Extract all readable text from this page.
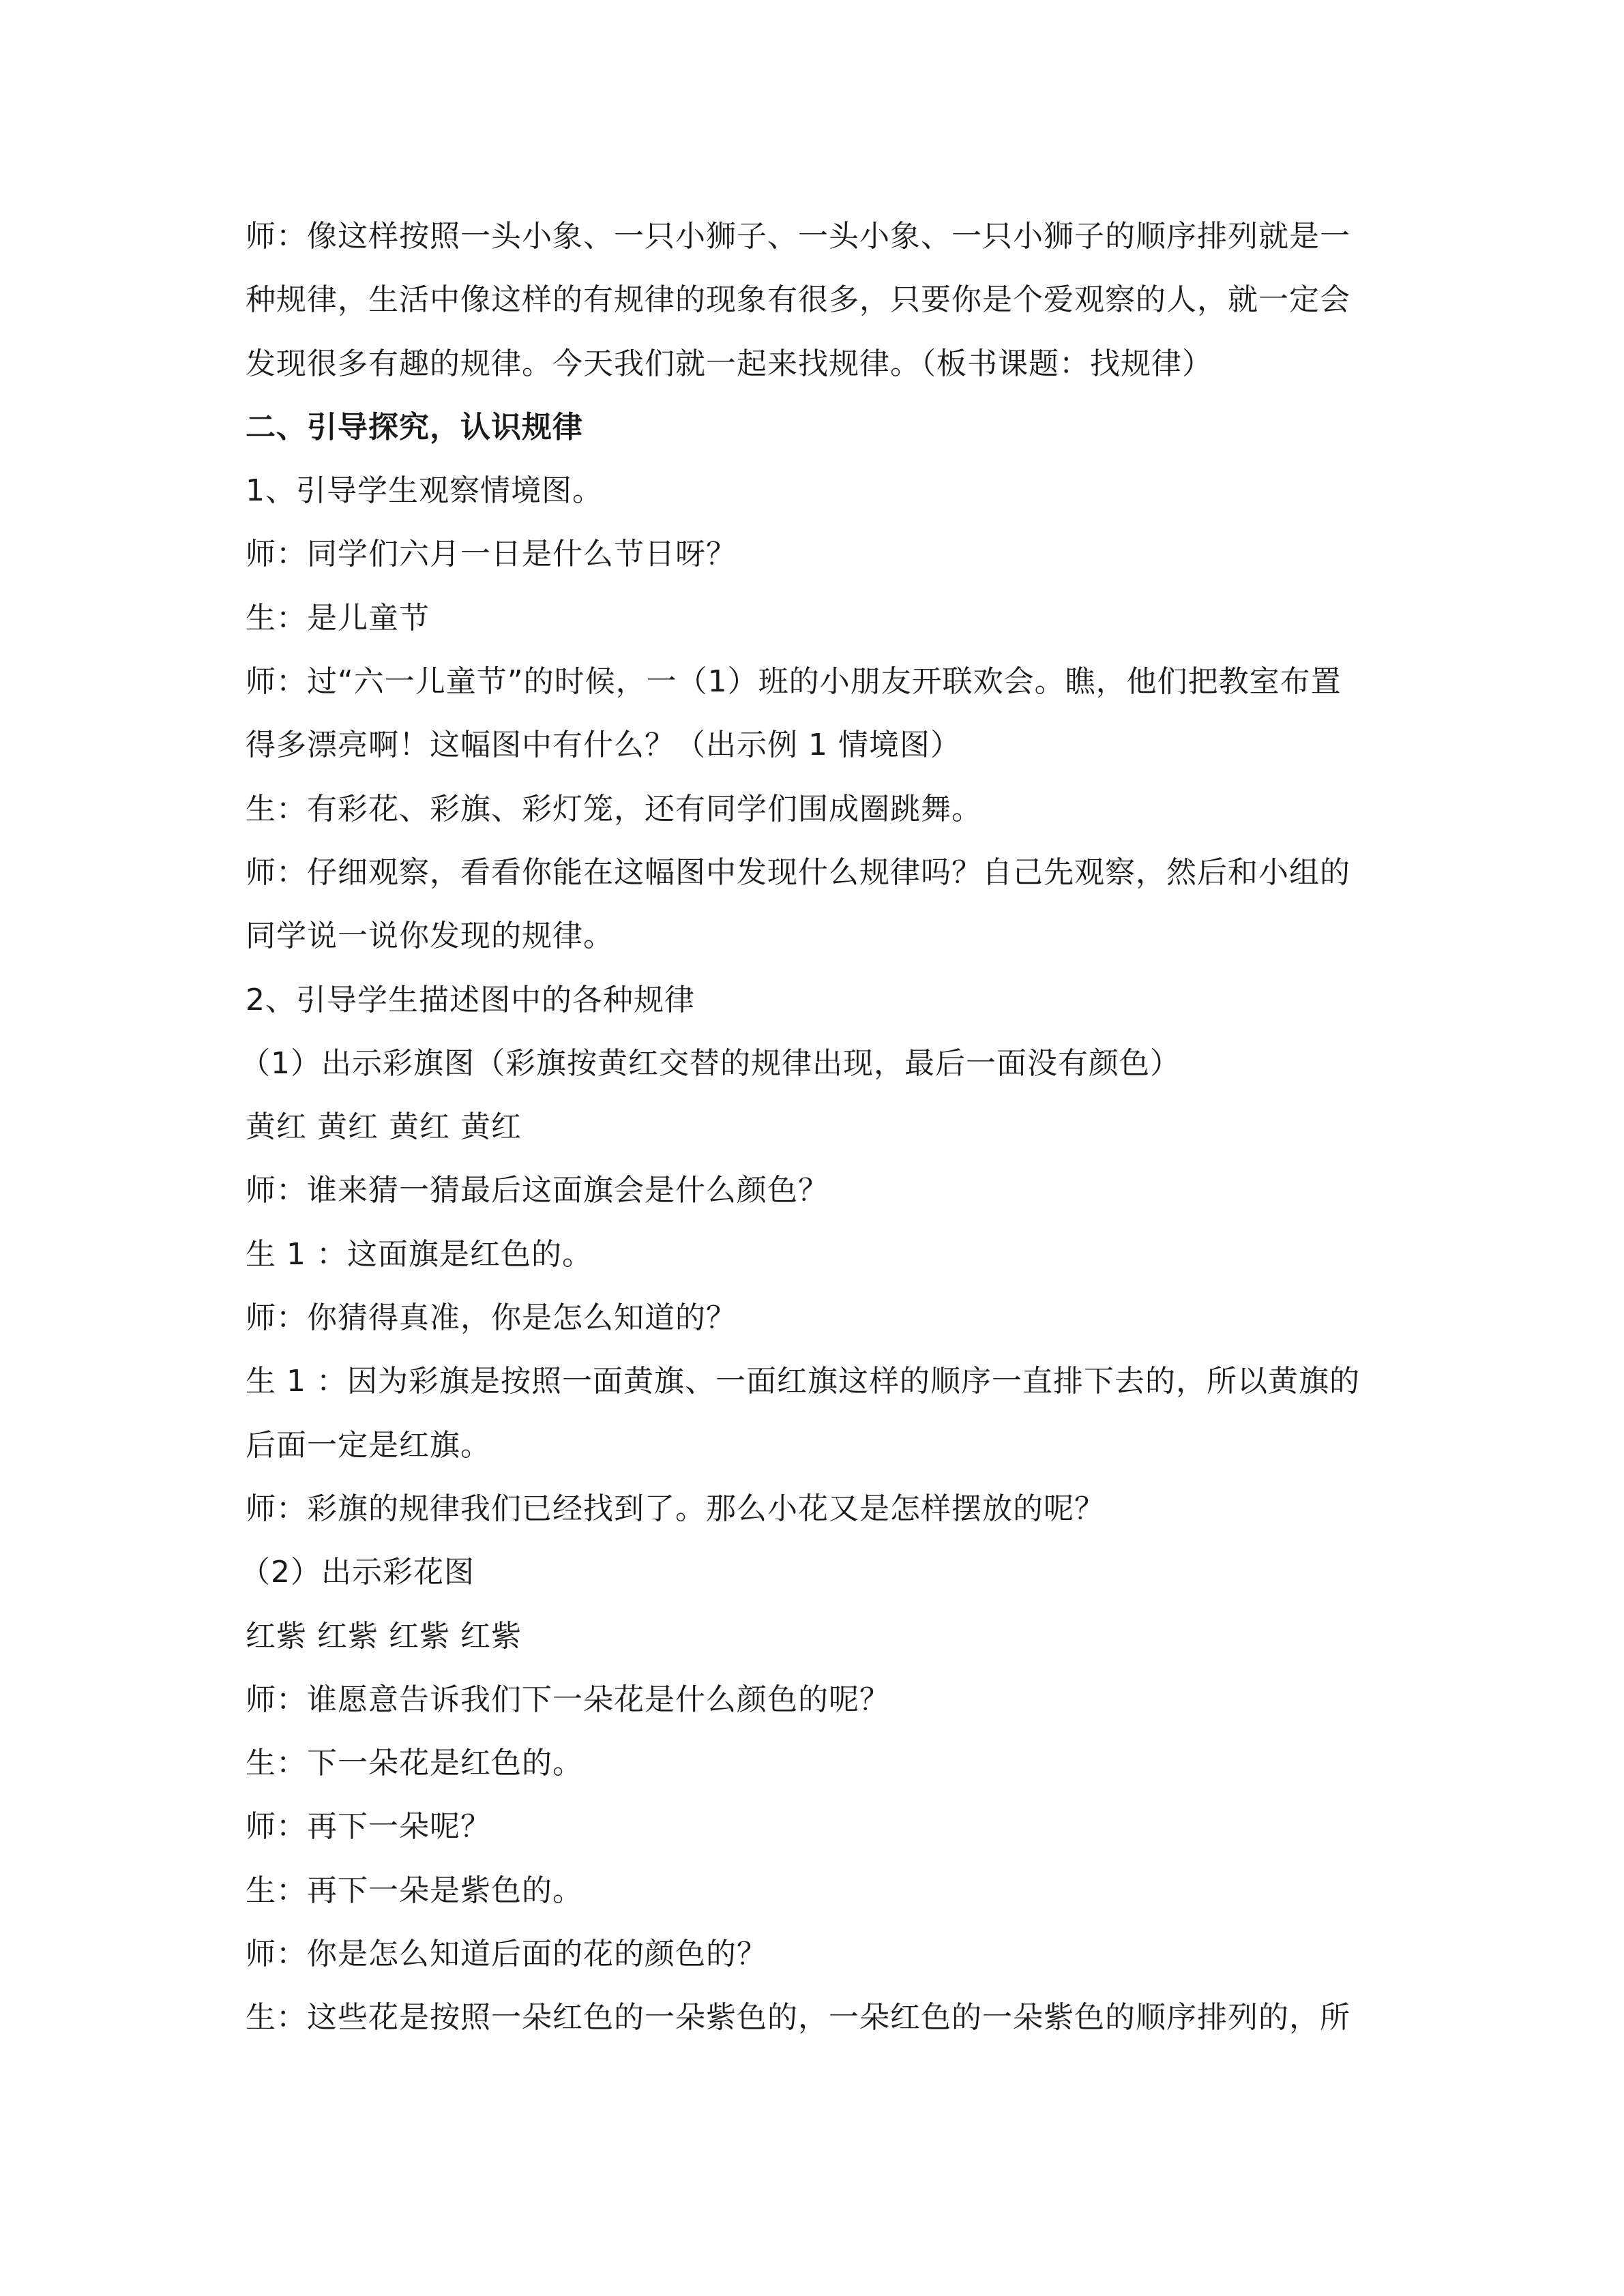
师：像这样按照一头小象、一只小狮子、一头小象、一只小狮子的顺序排列就是一
种规律，生活中像这样的有规律的现象有很多，只要你是个爱观察的人，就一定会
发现很多有趣的规律。今天我们就一起来找规律。（板书课题：找规律）
二、引导探究，认识规律
1、引导学生观察情境图。
师：同学们六月一日是什么节日呀？
生：是儿童节
师：过“六一儿童节”的时候，一（1）班的小朋友开联欢会。瞧，他们把教室布置
得多漂亮啊！这幅图中有什么？（出示例 1 情境图）
生：有彩花、彩旗、彩灯笼，还有同学们围成圈跳舞。
师：仔细观察，看看你能在这幅图中发现什么规律吗？自己先观察，然后和小组的
同学说一说你发现的规律。
2、引导学生描述图中的各种规律
（1）出示彩旗图（彩旗按黄红交替的规律出现，最后一面没有颜色）
黄红 黄红 黄红 黄红
师：谁来猜一猜最后这面旗会是什么颜色？
生 1 ：这面旗是红色的。
师：你猜得真准，你是怎么知道的？
生 1 ：因为彩旗是按照一面黄旗、一面红旗这样的顺序一直排下去的，所以黄旗的
后面一定是红旗。
师：彩旗的规律我们已经找到了。那么小花又是怎样摆放的呢？
（2）出示彩花图
红紫 红紫 红紫 红紫
师：谁愿意告诉我们下一朵花是什么颜色的呢？
生：下一朵花是红色的。
师：再下一朵呢？
生：再下一朵是紫色的。
师：你是怎么知道后面的花的颜色的？
生：这些花是按照一朵红色的一朵紫色的，一朵红色的一朵紫色的顺序排列的，所
